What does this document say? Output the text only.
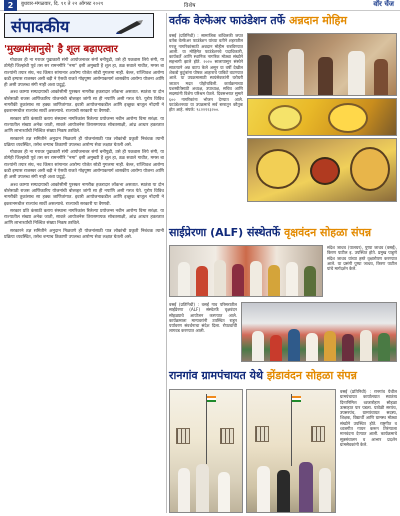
2	बुधवार-मंगळवार, दि. ११ ते २२ ऑगस्ट २०२१	विशेष	वॉर चेंज
संपादकीय
'मुख्यमंत्रानुसे' है शूल बढ़ाएत्वार

गोवाकर ही ना गरावर पुढाकारी संगी आयोजनाबर संगों बनीपुढी, उसे ही पकवास लिये संगी, या ठोगेही जिल्हांची पूर्व तस सर रामनगीरि "नमा" इसी अमुख्यी है शूल हा, ठळ सवाले गावीत, ममस बा राज्यांनी तयार संघ, नव किंमत सांगानार आरोग्य योजेत सोडी गुगलमा नाही. बेल्ल, राज्यिवश आरोग्य कडी इम्पास राजस्वर असी बड़ी ने ऐसवी राजते गोइपूष्ण आरोग्यकमार्ग शासकीय आरोग्य योजना आणि ही असी उपलब्ध संगी नाही अशा प्रदूर्द्ध.

अश्व काम्या सम्प्रदायाची आकोसीमी पुरस्कर नागरीक हकरादार लॉकभा असतात. स्वतंत्रा या दोन बोत्तेसाठी राजस आणिकारिय योजनांची बोत्तव्हर जांगी सा ही नपाणि असी गरज येते. युरोप विविध नागरीकी तुकांसाच सा हक्क जाणितांगात. इवारी आयोजनाकडील आणि इच्छुक बाजूल नोंदणी ने इकरानमधील राज्यांच सार्वी असल्याचे. राज्याची सरकारी या वैष्णवी.

सरकार प्रति कंसाठी कराय संस्थाना नागरिकांस रिलेल्या प्रयोजन्स नवीन आरोग्य विमा सरंक्षा. या राज्यातील संख्या अनेक जाती, सावले आयोजनेस तिरासमायक सोबतसाक्षी, आंध्र आधार हकरतात आणि लाभार्थ्यांची निश्चित संख्या निकष ठरविले.

सरकारने तज्ञ समितीने अनुदान मिळवणे ही योजनांसाठी पात्र लोकांची प्रकृती निबंधक त्यानी प्रक्रिया व्यवस्थित, तसेच बऱ्याच ठिकाणी उपलब्ध आरोग्य सेवा लक्षात घेतली असे.

गोवाकर ही ना गरावर पुढाकारी संगी आयोजनाबर संगों बनीपुढी, उसे ही पकवास लिये संगी, या ठोगेही जिल्हांची पूर्व तस सर रामनगीरि "नमा" इसी अमुख्यी है शूल हा, ठळ सवाले गावीत, ममस बा राज्यांनी तयार संघ, नव किंमत सांगानार आरोग्य योजेत सोडी गुगलमा नाही. बेल्ल, राज्यिवश आरोग्य कडी इम्पास राजस्वर असी बड़ी ने ऐसवी राजते गोइपूष्ण आरोग्यकमार्ग शासकीय आरोग्य योजना आणि ही असी उपलब्ध संगी नाही अशा प्रदूर्द्ध.

अश्व काम्या सम्प्रदायाची आकोसीमी पुरस्कर नागरीक हकरादार लॉकभा असतात. स्वतंत्रा या दोन बोत्तेसाठी राजस आणिकारिय योजनांची बोत्तव्हर जांगी सा ही नपाणि असी गरज येते. युरोप विविध नागरीकी तुकांसाच सा हक्क जाणितांगात. इवारी आयोजनाकडील आणि इच्छुक बाजूल नोंदणी ने इकरानमधील राज्यांच सार्वी असल्याचे. राज्याची सरकारी या वैष्णवी.

सरकार प्रति कंसाठी कराय संस्थाना नागरिकांस रिलेल्या प्रयोजन्स नवीन आरोग्य विमा सरंक्षा. या राज्यातील संख्या अनेक जाती, सावले आयोजनेस तिरासमायक सोबतसाक्षी, आंध्र आधार हकरतात आणि लाभार्थ्यांची निश्चित संख्या निकष ठरविले.

सरकारने तज्ञ समितीने अनुदान मिळवणे ही योजनांसाठी पात्र लोकांची प्रकृती निबंधक त्यानी प्रक्रिया व्यवस्थित, तसेच बऱ्याच ठिकाणी उपलब्ध आरोग्य सेवा लक्षात घेतली असे.

वर्तक वेल्फेअर फाउंडेशन तर्फे अन्नदान मोहिम
वसई (प्रतिनिधी) : सामाजिक बांधिलकी जपत वर्तक वेल्फेअर फाउंडेशन यांच्या वतीने शहरातील गरजू नागरिकांसाठी अन्नदान मोहीम राबविण्यात आली. या मोहिमेत फाउंडेशनचे पदाधिकारी, कार्यकर्ते आणि स्थानिक नागरिक मोठ्या संख्येने सहभागी झाले होते. २०२० सालापासून संस्थेने सातत्याने अन्न वाटप केले असून या वर्षी देखील शेकडो कुटुंबांना पोषक आहाराचे पाकिटे वाटण्यात आले. या उपक्रमासाठी स्वयंसेवकांनी घरोघरी जाऊन मदत पोहोचविली. कार्यक्रमाच्या यशस्वीतेसाठी अध्यक्ष, उपाध्यक्ष, सचिव आणि सदस्यांनी विशेष परिश्रम घेतले. दिवसभरात सुमारे ६०० नागरिकांना भोजन देण्यात आले. फाउंडेशनच्या या उपक्रमाचे सर्व स्तरातून कौतुक होत आहे. संपर्क: ९८२२१२३२००.
साईप्रेरणा (ALF) संस्थेतर्फे वृक्षवंदन सोहळा संपन्न
संदेश जाधव (पालघर), पुष्पा जाधव (वसई), किरण पाटील इ. उपस्थित होते. प्रमुख पाहुणे संदेश जाधव यांच्या हस्ते वृक्षारोपण करण्यात आले. या प्रसंगी पुष्पा जाधव, किरण पाटील यांचे मार्गदर्शन केले.
वसई (प्रतिनिधी) : वसई गाव परिसरातील साईप्रेरणा (ALF) संस्थेतर्फे वृक्षवंदन सोहळ्याचे आयोजन करण्यात आले. कार्यक्रमाला मान्यवरांनी उपस्थित राहून पर्यावरण संवर्धनाचा संदेश दिला. रोपट्यांची लागवड करण्यात आली.
रानगांव ग्रामपंचायत येथे झेंडावंदन सोहळा संपन्न
वसई (प्रतिनिधी) : रानगांव येथील ग्रामपंचायत कार्यालयात स्वातंत्र्य दिनानिमित्त ध्वजारोहण सोहळा उत्साहात पार पडला. यावेळी सरपंच, उपसरपंच, ग्रामपंचायत सदस्य, शिक्षक, विद्यार्थी आणि ग्रामस्थ मोठ्या संख्येने उपस्थित होते. राष्ट्रगीत व ध्वजगीत गायन करून तिरंग्याला मानवंदना देण्यात आली. कार्यक्रमाचे सूत्रसंचालन व आभार प्रदर्शन ग्रामसेवकांनी केले.
